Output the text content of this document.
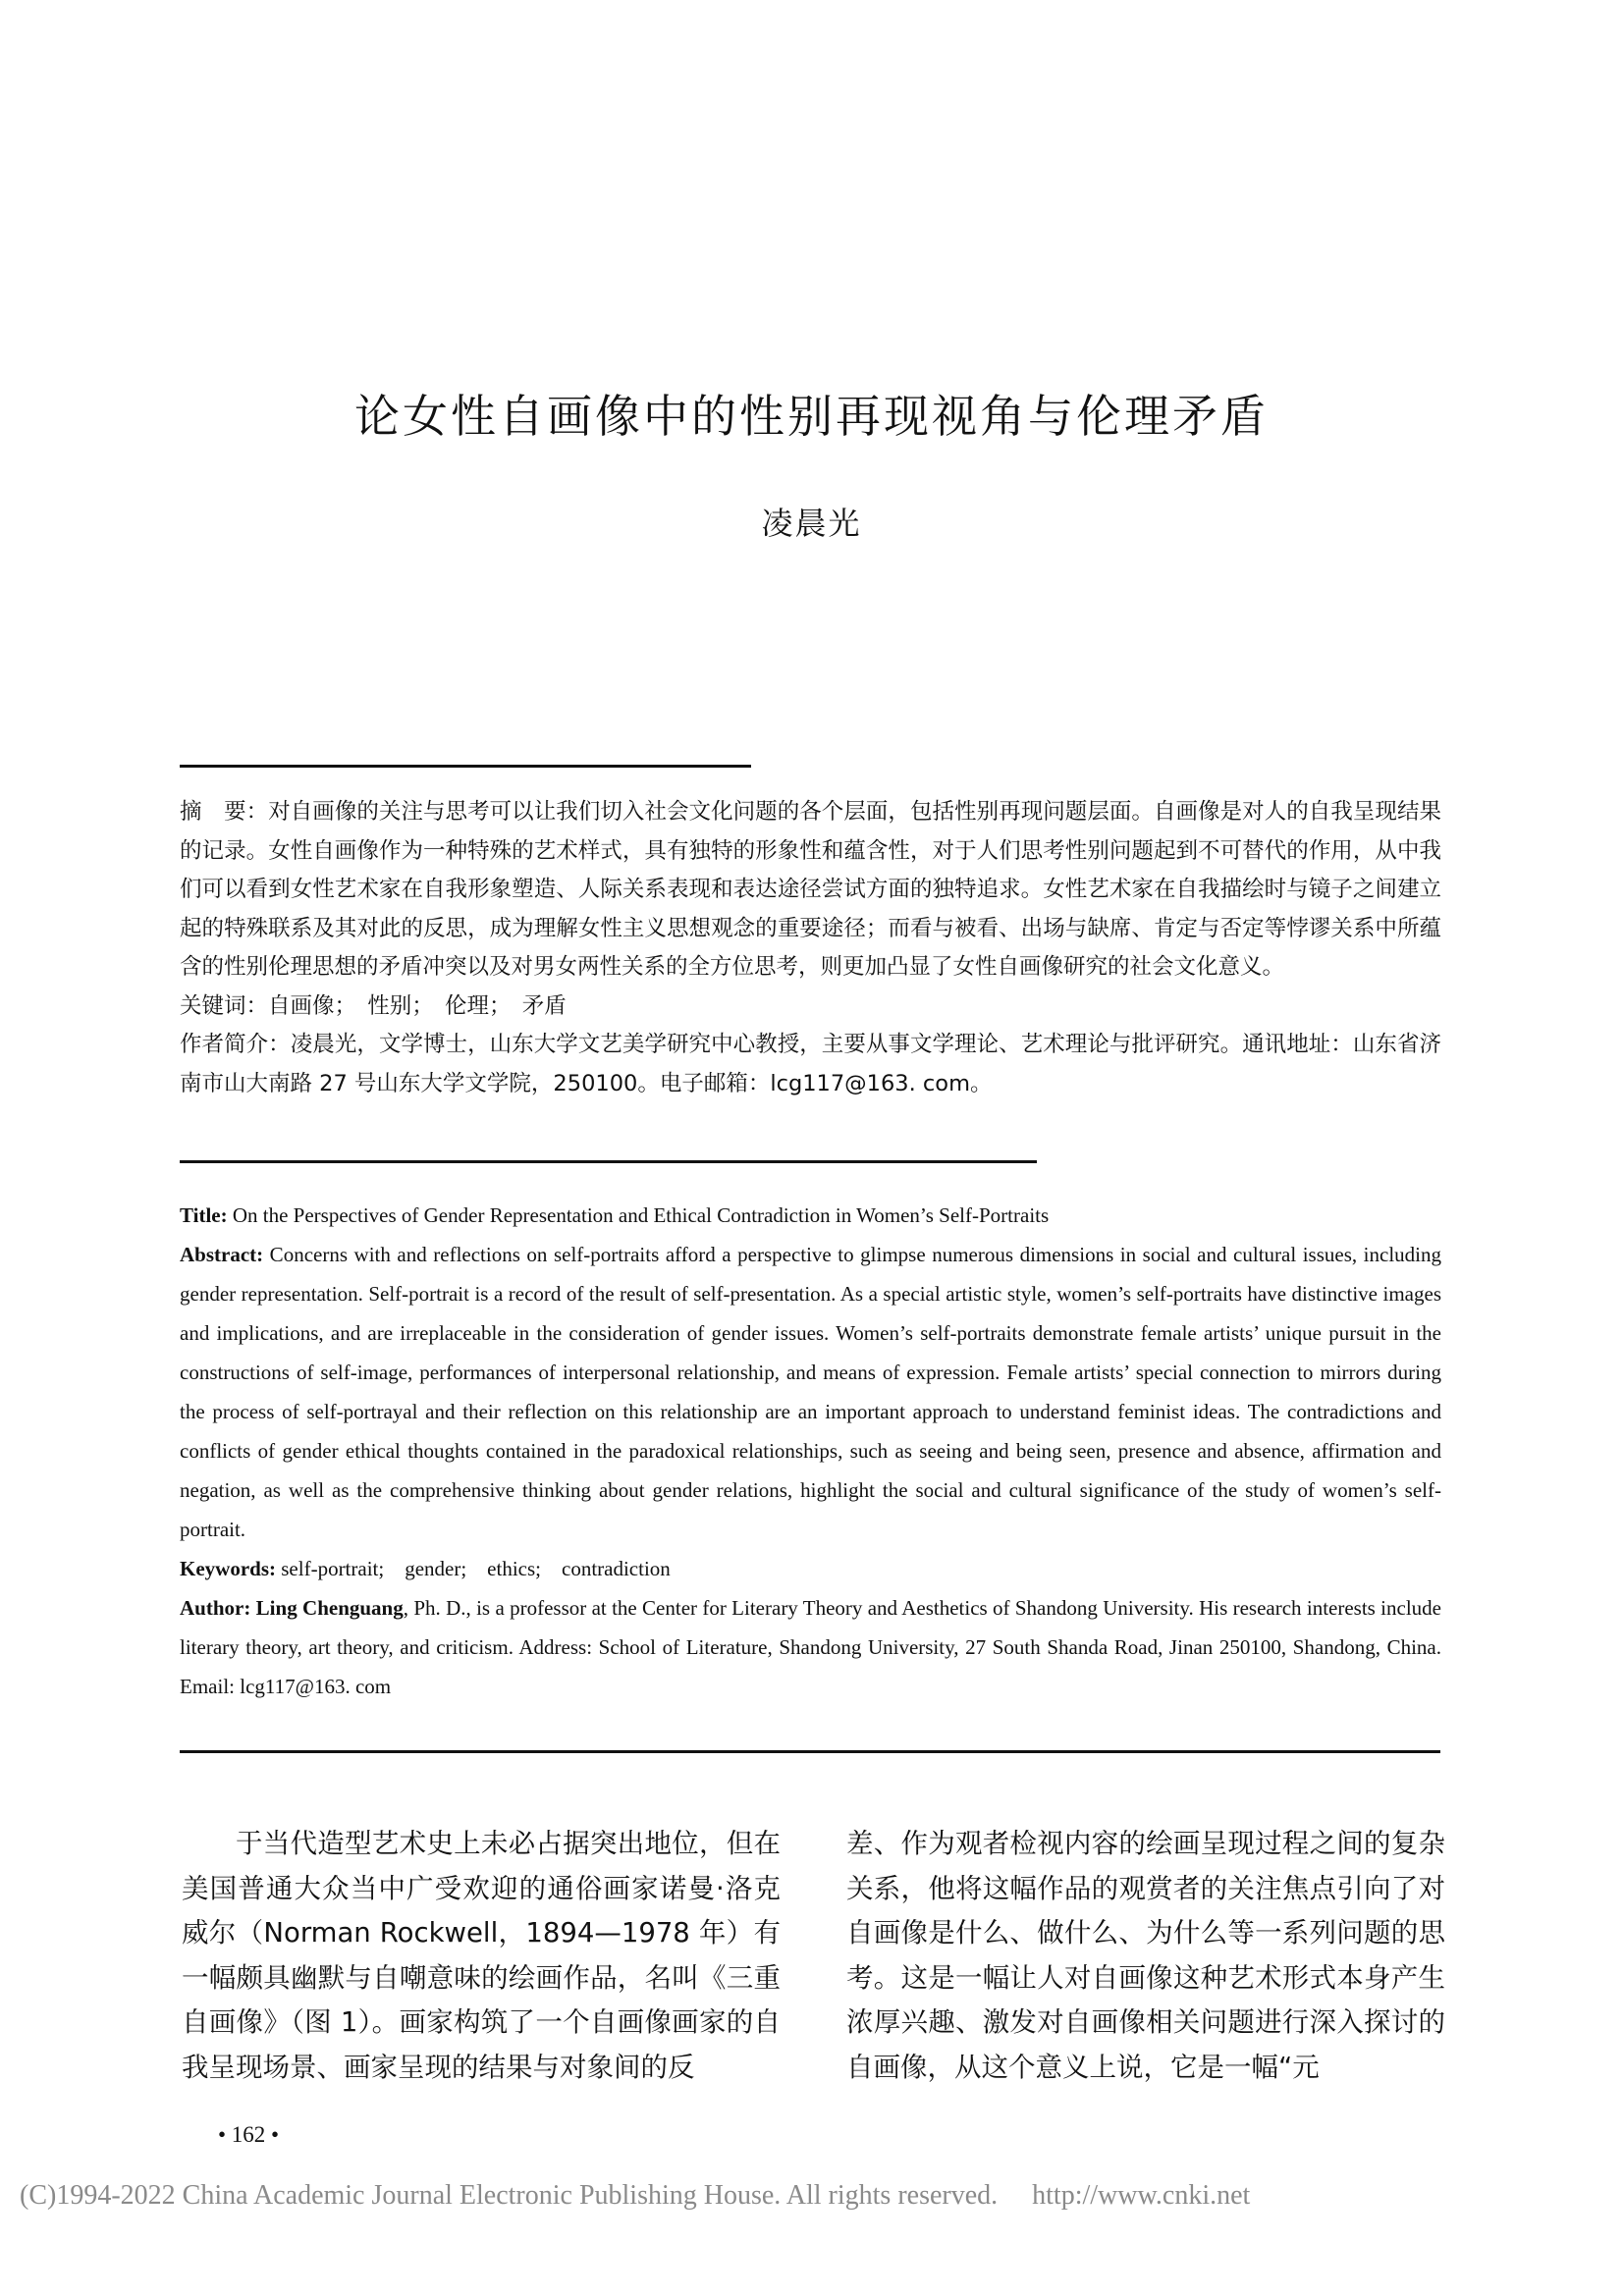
论女性自画像中的性别再现视角与伦理矛盾
凌晨光

摘　要：对自画像的关注与思考可以让我们切入社会文化问题的各个层面，包括性别再现问题层面。自画像是对人的自我呈现结果的记录。女性自画像作为一种特殊的艺术样式，具有独特的形象性和蕴含性，对于人们思考性别问题起到不可替代的作用，从中我们可以看到女性艺术家在自我形象塑造、人际关系表现和表达途径尝试方面的独特追求。女性艺术家在自我描绘时与镜子之间建立起的特殊联系及其对此的反思，成为理解女性主义思想观念的重要途径；而看与被看、出场与缺席、肯定与否定等悖谬关系中所蕴含的性别伦理思想的矛盾冲突以及对男女两性关系的全方位思考，则更加凸显了女性自画像研究的社会文化意义。

关键词：自画像；　性别；　伦理；　矛盾

作者简介：凌晨光，文学博士，山东大学文艺美学研究中心教授，主要从事文学理论、艺术理论与批评研究。通讯地址：山东省济南市山大南路 27 号山东大学文学院，250100。电子邮箱：lcg117@163. com。

Title: On the Perspectives of Gender Representation and Ethical Contradiction in Women’s Self-Portraits

Abstract: Concerns with and reflections on self-portraits afford a perspective to glimpse numerous dimensions in social and cultural issues, including gender representation. Self-portrait is a record of the result of self-presentation. As a special artistic style, women’s self-portraits have distinctive images and implications, and are irreplaceable in the consideration of gender issues. Women’s self-portraits demonstrate female artists’ unique pursuit in the constructions of self-image, performances of interpersonal relationship, and means of expression. Female artists’ special connection to mirrors during the process of self-portrayal and their reflection on this relationship are an important approach to understand feminist ideas. The contradictions and conflicts of gender ethical thoughts contained in the paradoxical relationships, such as seeing and being seen, presence and absence, affirmation and negation, as well as the comprehensive thinking about gender relations, highlight the social and cultural significance of the study of women’s self-portrait.

Keywords: self-portrait;　gender;　ethics;　contradiction

Author: Ling Chenguang, Ph. D., is a professor at the Center for Literary Theory and Aesthetics of Shandong University. His research interests include literary theory, art theory, and criticism. Address: School of Literature, Shandong University, 27 South Shanda Road, Jinan 250100, Shandong, China. Email: lcg117@163. com

于当代造型艺术史上未必占据突出地位，但在美国普通大众当中广受欢迎的通俗画家诺曼·洛克威尔（Norman Rockwell，1894—1978 年）有一幅颇具幽默与自嘲意味的绘画作品，名叫《三重自画像》（图 1）。画家构筑了一个自画像画家的自我呈现场景、画家呈现的结果与对象间的反

差、作为观者检视内容的绘画呈现过程之间的复杂关系，他将这幅作品的观赏者的关注焦点引向了对自画像是什么、做什么、为什么等一系列问题的思考。这是一幅让人对自画像这种艺术形式本身产生浓厚兴趣、激发对自画像相关问题进行深入探讨的自画像，从这个意义上说，它是一幅“元

• 162 •
(C)1994-2022 China Academic Journal Electronic Publishing House. All rights reserved.　 http://www.cnki.net
